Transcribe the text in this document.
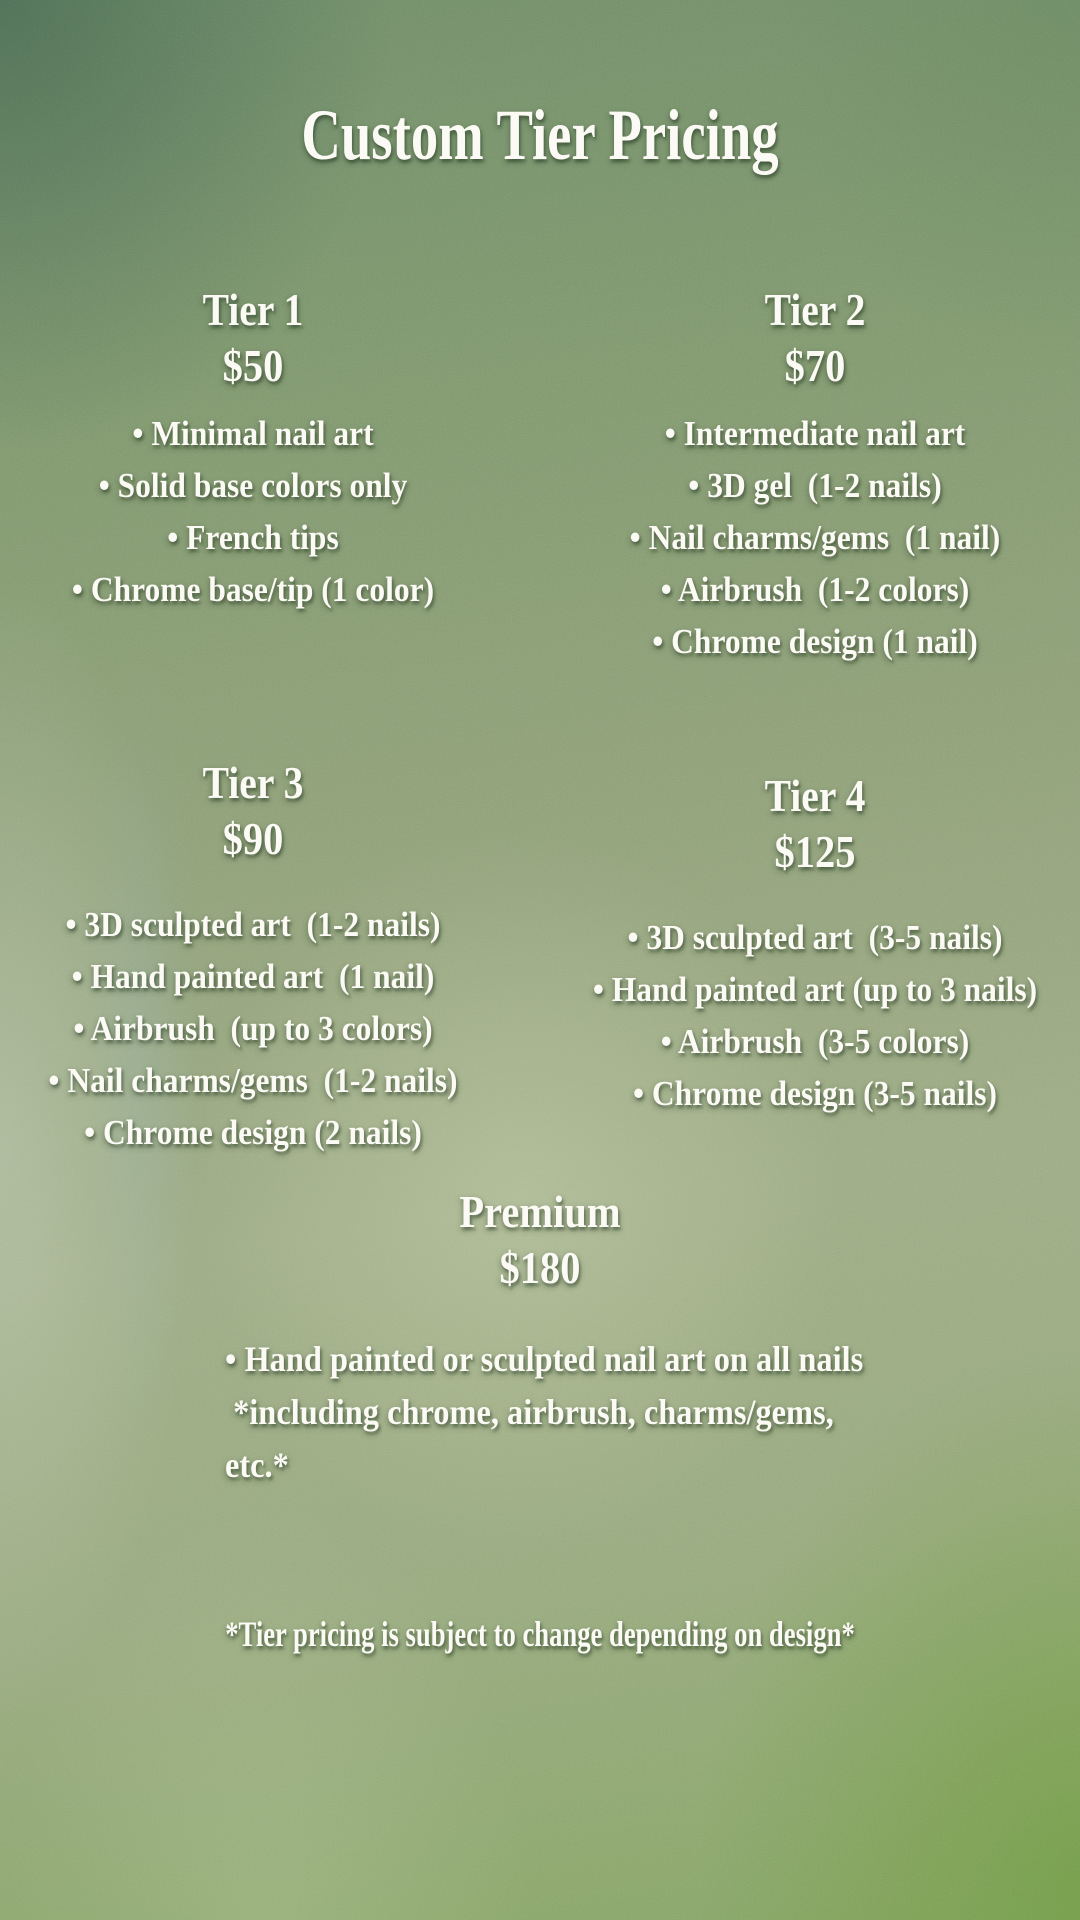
Custom Tier Pricing
Tier 1
$50
• Minimal nail art
• Solid base colors only
• French tips
• Chrome base/tip (1 color)
Tier 2
$70
• Intermediate nail art
• 3D gel  (1-2 nails)
• Nail charms/gems  (1 nail)
• Airbrush  (1-2 colors)
• Chrome design (1 nail)
Tier 3
$90
• 3D sculpted art  (1-2 nails)
• Hand painted art  (1 nail)
• Airbrush  (up to 3 colors)
• Nail charms/gems  (1-2 nails)
• Chrome design (2 nails)
Tier 4
$125
• 3D sculpted art  (3-5 nails)
• Hand painted art (up to 3 nails)
• Airbrush  (3-5 colors)
• Chrome design (3-5 nails)
Premium
$180
• Hand painted or sculpted nail art on all nails
*including chrome, airbrush, charms/gems,
etc.*
*Tier pricing is subject to change depending on design*
